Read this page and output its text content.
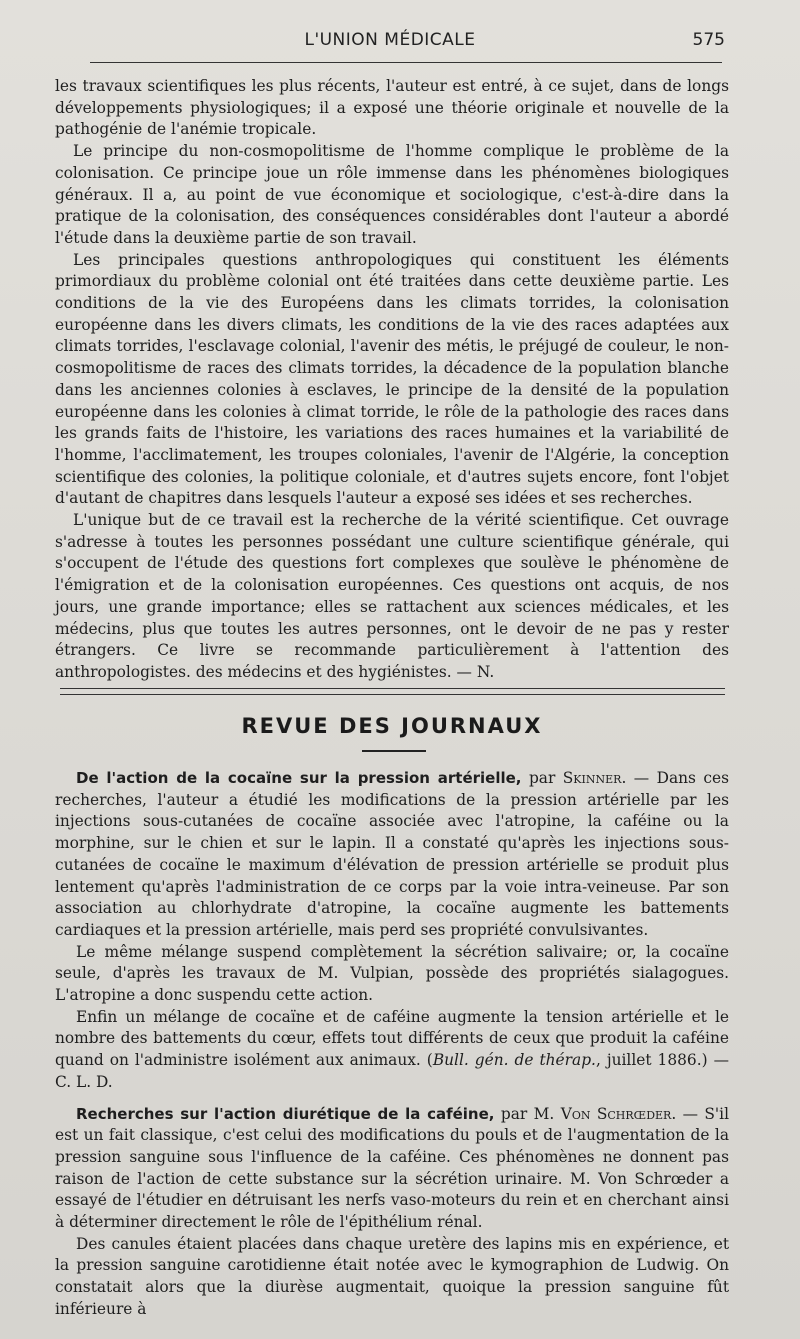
L'UNION MÉDICALE	575

les travaux scientifiques les plus récents, l'auteur est entré, à ce sujet, dans de longs développements physiologiques; il a exposé une théorie originale et nouvelle de la pathogénie de l'anémie tropicale.

Le principe du non-cosmopolitisme de l'homme complique le problème de la colonisation. Ce principe joue un rôle immense dans les phénomènes biologiques généraux. Il a, au point de vue économique et sociologique, c'est-à-dire dans la pratique de la colonisation, des conséquences considérables dont l'auteur a abordé l'étude dans la deuxième partie de son travail.

Les principales questions anthropologiques qui constituent les éléments primordiaux du problème colonial ont été traitées dans cette deuxième partie. Les conditions de la vie des Européens dans les climats torrides, la colonisation européenne dans les divers climats, les conditions de la vie des races adaptées aux climats torrides, l'esclavage colonial, l'avenir des métis, le préjugé de couleur, le non-cosmopolitisme de races des climats torrides, la décadence de la population blanche dans les anciennes colonies à esclaves, le principe de la densité de la population européenne dans les colonies à climat torride, le rôle de la pathologie des races dans les grands faits de l'histoire, les variations des races humaines et la variabilité de l'homme, l'acclimatement, les troupes coloniales, l'avenir de l'Algérie, la conception scientifique des colonies, la politique coloniale, et d'autres sujets encore, font l'objet d'autant de chapitres dans lesquels l'auteur a exposé ses idées et ses recherches.

L'unique but de ce travail est la recherche de la vérité scientifique. Cet ouvrage s'adresse à toutes les personnes possédant une culture scientifique générale, qui s'occupent de l'étude des questions fort complexes que soulève le phénomène de l'émigration et de la colonisation européennes. Ces questions ont acquis, de nos jours, une grande importance; elles se rattachent aux sciences médicales, et les médecins, plus que toutes les autres personnes, ont le devoir de ne pas y rester étrangers. Ce livre se recommande particulièrement à l'attention des anthropologistes. des médecins et des hygiénistes. — N.

REVUE DES JOURNAUX

De l'action de la cocaïne sur la pression artérielle, par Skinner. — Dans ces recherches, l'auteur a étudié les modifications de la pression artérielle par les injections sous-cutanées de cocaïne associée avec l'atropine, la caféine ou la morphine, sur le chien et sur le lapin. Il a constaté qu'après les injections sous-cutanées de cocaïne le maximum d'élévation de pression artérielle se produit plus lentement qu'après l'administration de ce corps par la voie intra-veineuse. Par son association au chlorhydrate d'atropine, la cocaïne augmente les battements cardiaques et la pression artérielle, mais perd ses propriété convulsivantes.

Le même mélange suspend complètement la sécrétion salivaire; or, la cocaïne seule, d'après les travaux de M. Vulpian, possède des propriétés sialagogues. L'atropine a donc suspendu cette action.

Enfin un mélange de cocaïne et de caféine augmente la tension artérielle et le nombre des battements du cœur, effets tout différents de ceux que produit la caféine quand on l'administre isolément aux animaux. (Bull. gén. de thérap., juillet 1886.) — C. L. D.

Recherches sur l'action diurétique de la caféine, par M. Von Schrœder. — S'il est un fait classique, c'est celui des modifications du pouls et de l'augmentation de la pression sanguine sous l'influence de la caféine. Ces phénomènes ne donnent pas raison de l'action de cette substance sur la sécrétion urinaire. M. Von Schrœder a essayé de l'étudier en détruisant les nerfs vaso-moteurs du rein et en cherchant ainsi à déterminer directement le rôle de l'épithélium rénal.

Des canules étaient placées dans chaque uretère des lapins mis en expérience, et la pression sanguine carotidienne était notée avec le kymographion de Ludwig. On constatait alors que la diurèse augmentait, quoique la pression sanguine fût inférieure à
